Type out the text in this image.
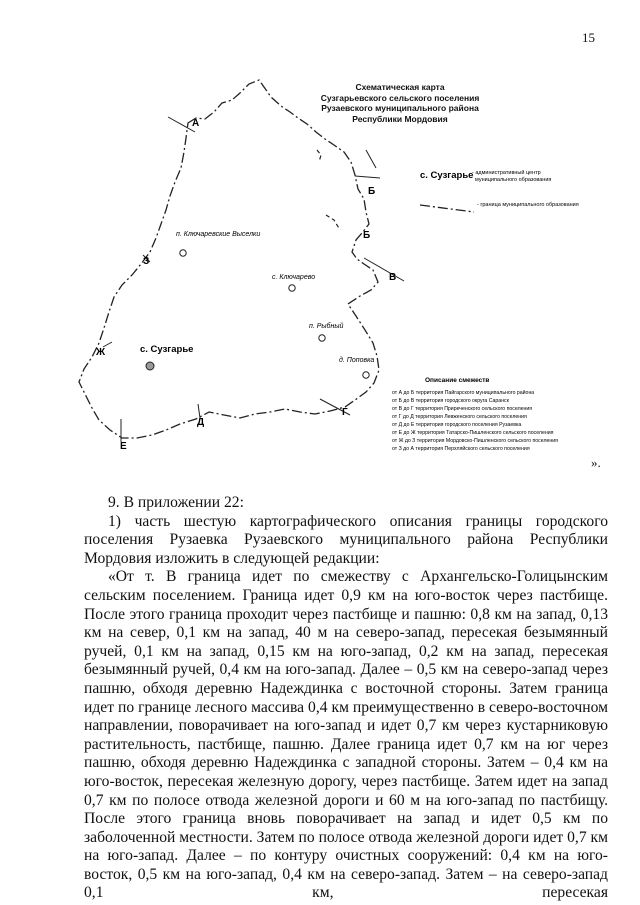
15
А
Б
Б
В
Г
Д
Е
Ж
З
п. Ключаревские Выселки
с. Ключарево
п. Рыбный
д. Поповка
с. Сузгарье
с. Сузгарье
- административный центр
муниципального образования
- граница муниципального образования
Описание смежеств
от А до Б территория Пайгарского муниципального района
от Б до В территория городского округа Саранск
от В до Г территория Приреченского сельского поселения
от Г до Д территория Левженского сельского поселения
от Д до Е территория городского поселения Рузаевка
от Е до Ж территория Татарско-Пишленского сельского поселения
от Ж до З территория Мордовско-Пишленского сельского поселения
от З до А территория Перхляйского сельского поселения
Схематическая карта
Сузгарьевского сельского поселения
Рузаевского муниципального района
Республики Мордовия
».

9. В приложении 22:

1) часть шестую картографического описания границы городского поселения Рузаевка Рузаевского муниципального района Республики Мордовия изложить в следующей редакции:

«От т. В граница идет по смежеству с Архангельско-Голицынским сельским поселением. Граница идет 0,9 км на юго-восток через пастбище. После этого граница проходит через пастбище и пашню: 0,8 км на запад, 0,13 км на север, 0,1 км на запад, 40 м на северо-запад, пересекая безымянный ручей, 0,1 км на запад, 0,15 км на юго-запад, 0,2 км на запад, пересекая безымянный ручей, 0,4 км на юго-запад. Далее – 0,5 км на северо-запад через пашню, обходя деревню Надеждинка с восточной стороны. Затем граница идет по границе лесного массива 0,4 км преимущественно в северо-восточном направлении, поворачивает на юго-запад и идет 0,7 км через кустарниковую растительность, пастбище, пашню. Далее граница идет 0,7 км на юг через пашню, обходя деревню Надеждинка с западной стороны. Затем – 0,4 км на юго-восток, пересекая железную дорогу, через пастбище. Затем идет на запад 0,7 км по полосе отвода железной дороги и 60 м на юго-запад по пастбищу. После этого граница вновь поворачивает на запад и идет 0,5 км по заболоченной местности. Затем по полосе отвода железной дороги идет 0,7 км на юго-запад. Далее – по контуру очистных сооружений: 0,4 км на юго-восток, 0,5 км на юго-запад, 0,4 км на северо-запад. Затем – на северо-запад 0,1 км, пересекая
